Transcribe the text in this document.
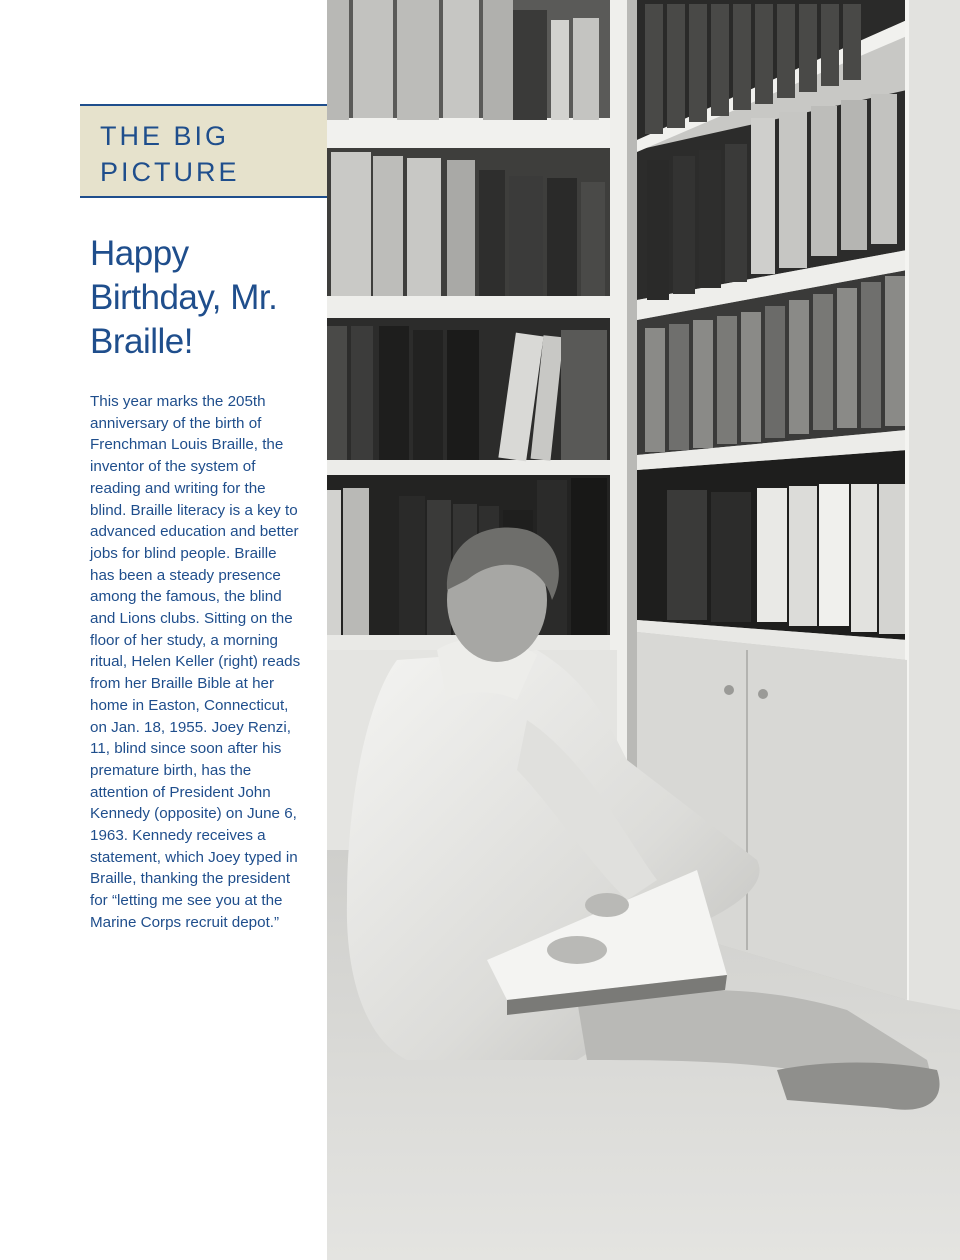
THE BIG PICTURE
Happy Birthday, Mr. Braille!

This year marks the 205th anniversary of the birth of Frenchman Louis Braille, the inventor of the system of reading and writing for the blind. Braille literacy is a key to advanced education and better jobs for blind people. Braille has been a steady presence among the famous, the blind and Lions clubs. Sitting on the floor of her study, a morning ritual, Helen Keller (right) reads from her Braille Bible at her home in Easton, Connecticut, on Jan. 18, 1955. Joey Renzi, 11, blind since soon after his premature birth, has the attention of President John Kennedy (opposite) on June 6, 1963. Kennedy receives a statement, which Joey typed in Braille, thanking the president for “letting me see you at the Marine Corps recruit depot.”
